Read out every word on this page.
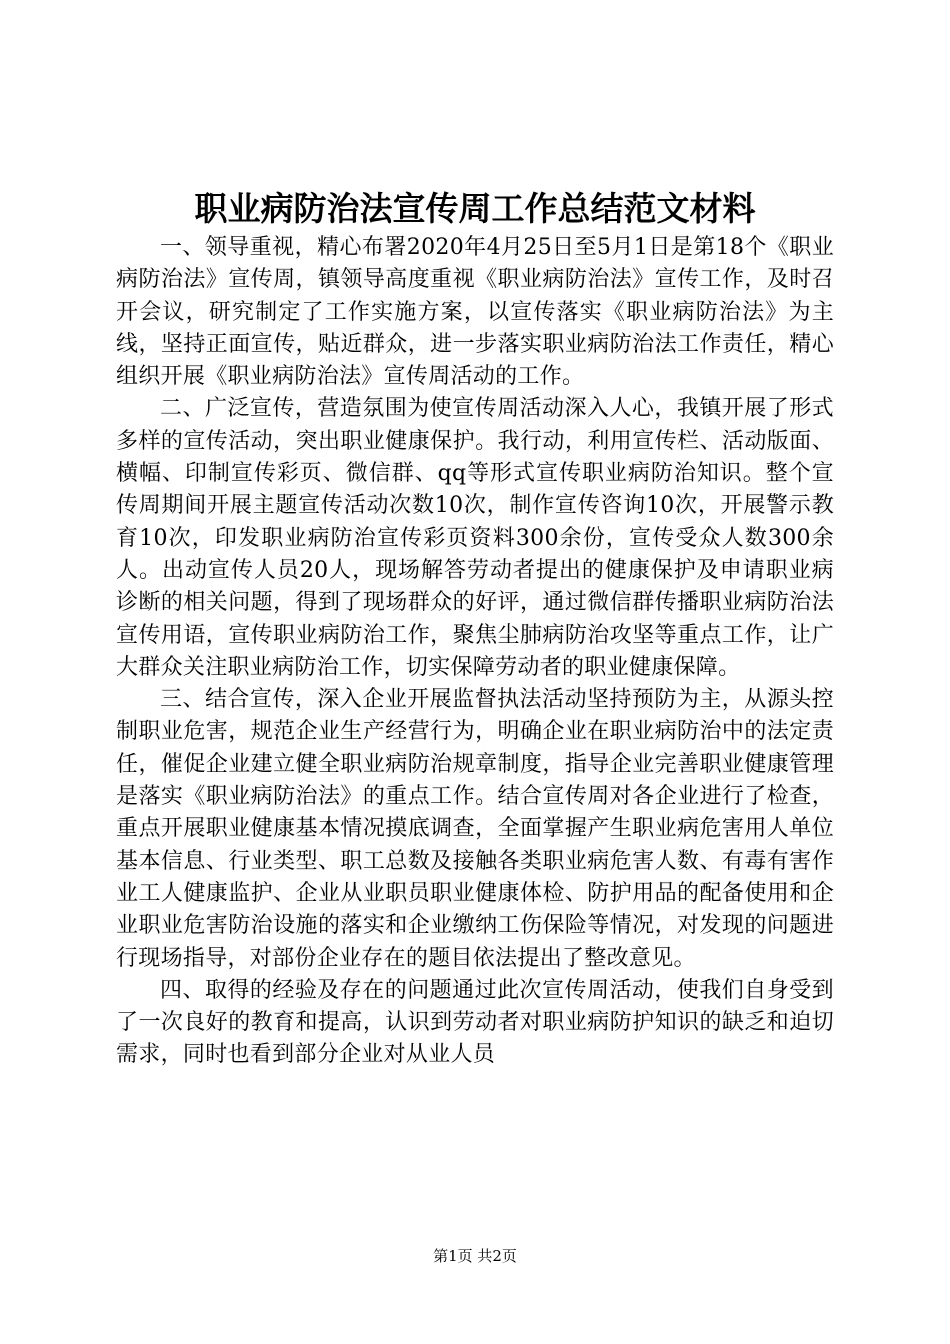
职业病防治法宣传周工作总结范文材料

一、领导重视，精心布署2020年4月25日至5月1日是第18个《职业病防治法》宣传周，镇领导高度重视《职业病防治法》宣传工作，及时召开会议，研究制定了工作实施方案，以宣传落实《职业病防治法》为主线，坚持正面宣传，贴近群众，进一步落实职业病防治法工作责任，精心组织开展《职业病防治法》宣传周活动的工作。

二、广泛宣传，营造氛围为使宣传周活动深入人心，我镇开展了形式多样的宣传活动，突出职业健康保护。我行动，利用宣传栏、活动版面、横幅、印制宣传彩页、微信群、qq等形式宣传职业病防治知识。整个宣传周期间开展主题宣传活动次数10次，制作宣传咨询10次，开展警示教育10次，印发职业病防治宣传彩页资料300余份，宣传受众人数300余人。出动宣传人员20人，现场解答劳动者提出的健康保护及申请职业病诊断的相关问题，得到了现场群众的好评，通过微信群传播职业病防治法宣传用语，宣传职业病防治工作，聚焦尘肺病防治攻坚等重点工作，让广大群众关注职业病防治工作，切实保障劳动者的职业健康保障。

三、结合宣传，深入企业开展监督执法活动坚持预防为主，从源头控制职业危害，规范企业生产经营行为，明确企业在职业病防治中的法定责任，催促企业建立健全职业病防治规章制度，指导企业完善职业健康管理是落实《职业病防治法》的重点工作。结合宣传周对各企业进行了检查，重点开展职业健康基本情况摸底调查，全面掌握产生职业病危害用人单位基本信息、行业类型、职工总数及接触各类职业病危害人数、有毒有害作业工人健康监护、企业从业职员职业健康体检、防护用品的配备使用和企业职业危害防治设施的落实和企业缴纳工伤保险等情况，对发现的问题进行现场指导，对部份企业存在的题目依法提出了整改意见。

四、取得的经验及存在的问题通过此次宣传周活动，使我们自身受到了一次良好的教育和提高，认识到劳动者对职业病防护知识的缺乏和迫切需求，同时也看到部分企业对从业人员

第1页 共2页
